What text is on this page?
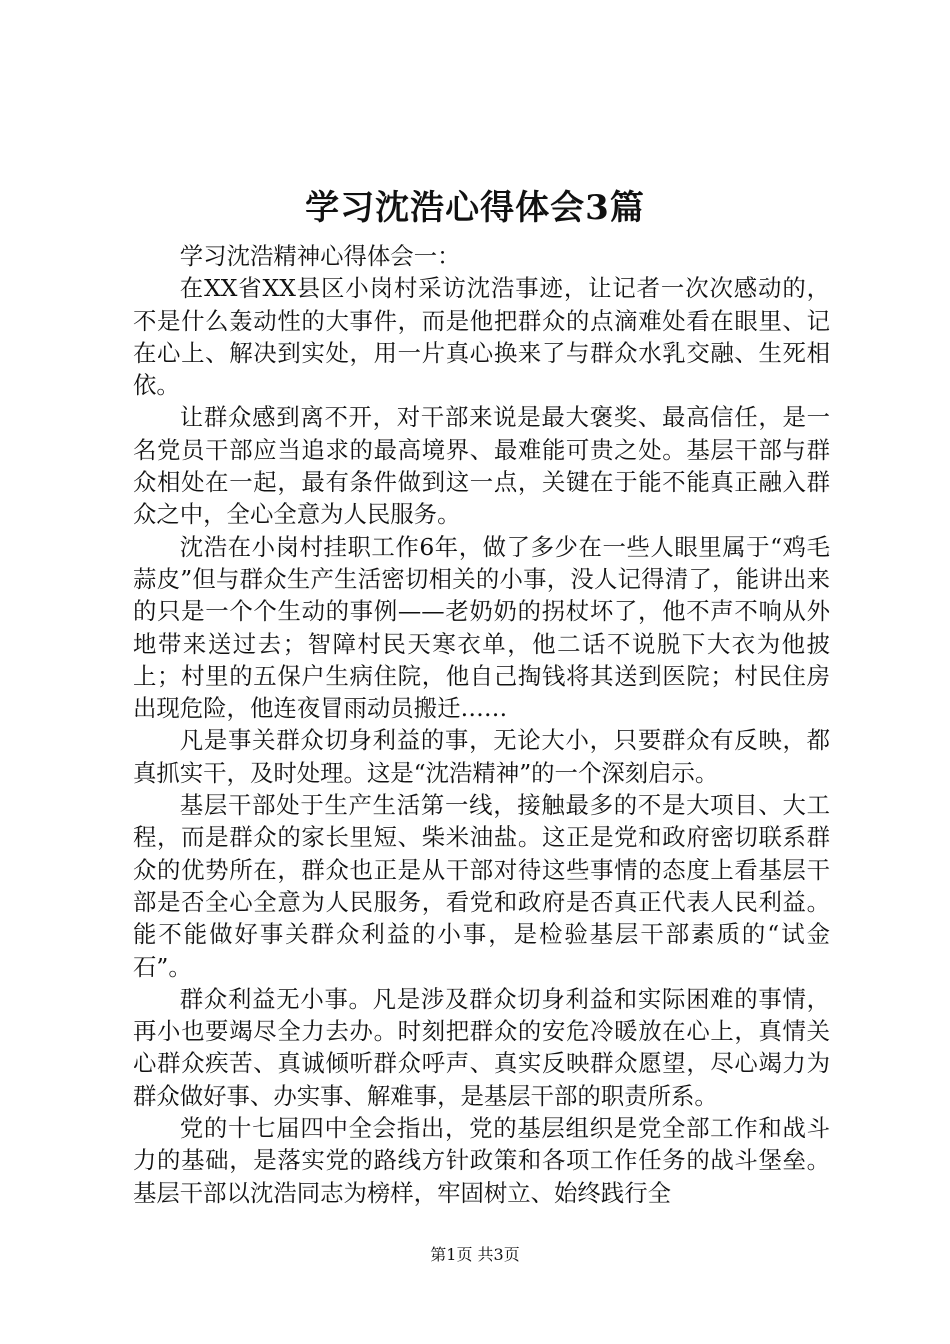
学习沈浩心得体会3篇

学习沈浩精神心得体会一：

在XX省XX县区小岗村采访沈浩事迹，让记者一次次感动的，不是什么轰动性的大事件，而是他把群众的点滴难处看在眼里、记在心上、解决到实处，用一片真心换来了与群众水乳交融、生死相依。

让群众感到离不开，对干部来说是最大褒奖、最高信任，是一名党员干部应当追求的最高境界、最难能可贵之处。基层干部与群众相处在一起，最有条件做到这一点，关键在于能不能真正融入群众之中，全心全意为人民服务。

沈浩在小岗村挂职工作6年，做了多少在一些人眼里属于“鸡毛蒜皮”但与群众生产生活密切相关的小事，没人记得清了，能讲出来的只是一个个生动的事例——老奶奶的拐杖坏了，他不声不响从外地带来送过去；智障村民天寒衣单，他二话不说脱下大衣为他披上；村里的五保户生病住院，他自己掏钱将其送到医院；村民住房出现危险，他连夜冒雨动员搬迁……

凡是事关群众切身利益的事，无论大小，只要群众有反映，都真抓实干，及时处理。这是“沈浩精神”的一个深刻启示。

基层干部处于生产生活第一线，接触最多的不是大项目、大工程，而是群众的家长里短、柴米油盐。这正是党和政府密切联系群众的优势所在，群众也正是从干部对待这些事情的态度上看基层干部是否全心全意为人民服务，看党和政府是否真正代表人民利益。能不能做好事关群众利益的小事，是检验基层干部素质的“试金石”。

群众利益无小事。凡是涉及群众切身利益和实际困难的事情，再小也要竭尽全力去办。时刻把群众的安危冷暖放在心上，真情关心群众疾苦、真诚倾听群众呼声、真实反映群众愿望，尽心竭力为群众做好事、办实事、解难事，是基层干部的职责所系。

党的十七届四中全会指出，党的基层组织是党全部工作和战斗力的基础，是落实党的路线方针政策和各项工作任务的战斗堡垒。基层干部以沈浩同志为榜样，牢固树立、始终践行全

第1页 共3页
